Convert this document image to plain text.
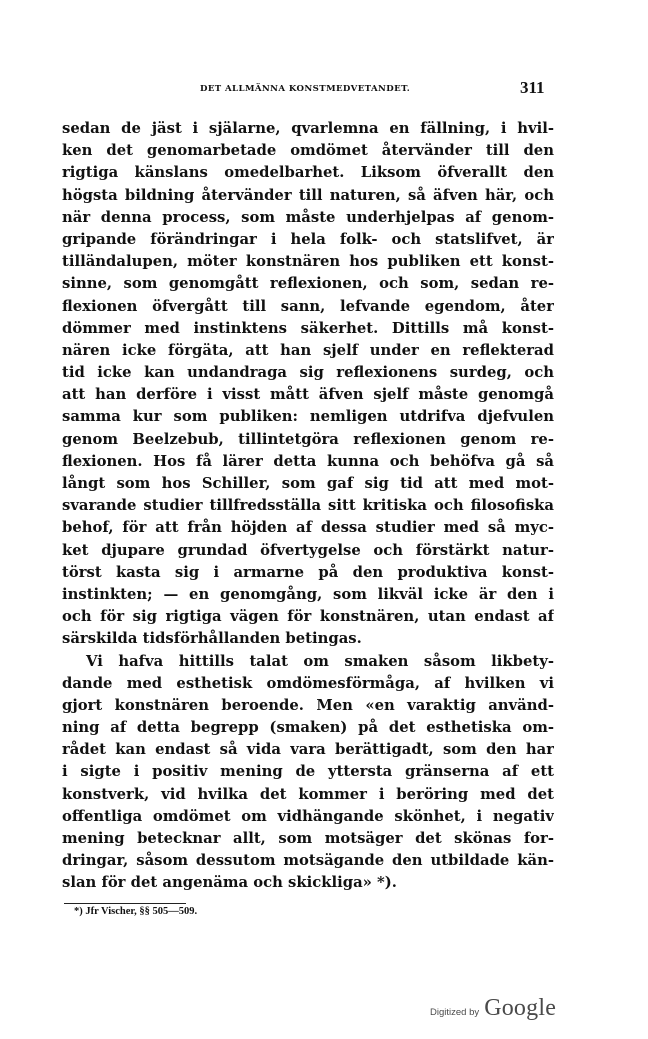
DET ALLMÄNNA KONSTMEDVETANDET.	311
sedan de jäst i själarne, qvarlemna en fällning, i hvil-
ken det genomarbetade omdömet återvänder till den
rigtiga känslans omedelbarhet. Liksom öfverallt den
högsta bildning återvänder till naturen, så äfven här, och
när denna process, som måste underhjelpas af genom-
gripande förändringar i hela folk- och statslifvet, är
tilländalupen, möter konstnären hos publiken ett konst-
sinne, som genomgått reflexionen, och som, sedan re-
flexionen öfvergått till sann, lefvande egendom, åter
dömmer med instinktens säkerhet. Dittills må konst-
nären icke förgäta, att han sjelf under en reflekterad
tid icke kan undandraga sig reflexionens surdeg, och
att han derföre i visst mått äfven sjelf måste genomgå
samma kur som publiken: nemligen utdrifva djefvulen
genom Beelzebub, tillintetgöra reflexionen genom re-
flexionen. Hos få lärer detta kunna och behöfva gå så
långt som hos Schiller, som gaf sig tid att med mot-
svarande studier tillfredsställa sitt kritiska och filosofiska
behof, för att från höjden af dessa studier med så myc-
ket djupare grundad öfvertygelse och förstärkt natur-
törst kasta sig i armarne på den produktiva konst-
instinkten; — en genomgång, som likväl icke är den i
och för sig rigtiga vägen för konstnären, utan endast af
särskilda tidsförhållanden betingas.
Vi hafva hittills talat om smaken såsom likbety-
dande med esthetisk omdömesförmåga, af hvilken vi
gjort konstnären beroende. Men «en varaktig använd-
ning af detta begrepp (smaken) på det esthetiska om-
rådet kan endast så vida vara berättigadt, som den har
i sigte i positiv mening de yttersta gränserna af ett
konstverk, vid hvilka det kommer i beröring med det
offentliga omdömet om vidhängande skönhet, i negativ
mening betecknar allt, som motsäger det skönas for-
dringar, såsom dessutom motsägande den utbildade kän-
slan för det angenäma och skickliga» *).
*) Jfr Vischer, §§ 505—509.
Digitized by Google
